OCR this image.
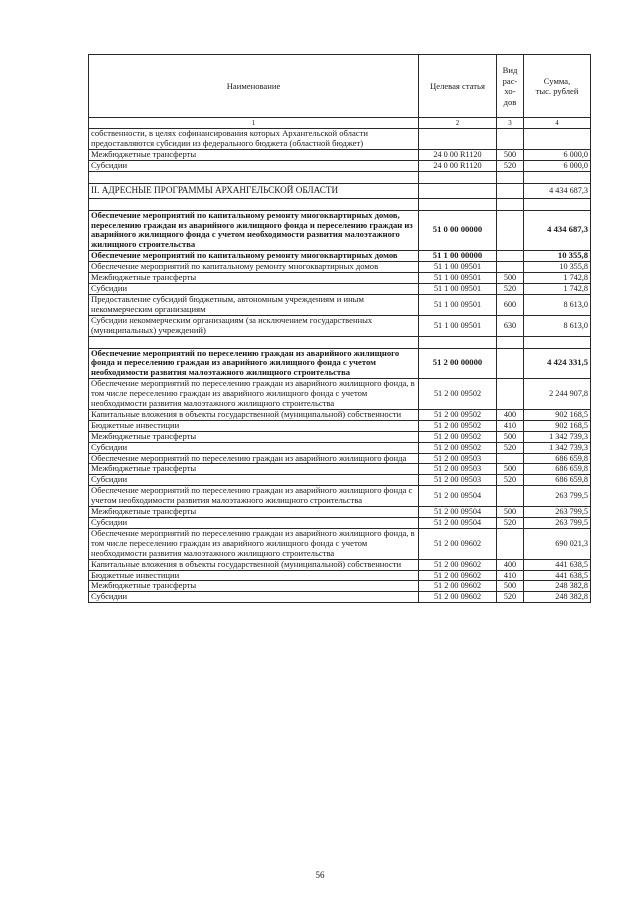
Наименование	Целевая статья	Вид
рас-
хо-
дов	Сумма,
тыс. рублей
1	2	3	4
собственности, в целях софинансирования которых Архангельской области предоставляются субсидии из федерального бюджета (областной бюджет)			
Межбюджетные трансферты	24 0 00 R1120	500	6 000,0
Субсидии	24 0 00 R1120	520	6 000,0

II. АДРЕСНЫЕ ПРОГРАММЫ АРХАНГЕЛЬСКОЙ ОБЛАСТИ			4 434 687,3

Обеспечение мероприятий по капитальному ремонту многоквартирных домов, переселению граждан из аварийного жилищного фонда и переселению граждан из аварийного жилищного фонда с учетом необходимости развития малоэтажного жилищного строительства	51 0 00 00000		4 434 687,3
Обеспечение мероприятий по капитальному ремонту многоквартирных домов	51 1 00 00000		10 355,8
Обеспечение мероприятий по капитальному ремонту многоквартирных домов	51 1 00 09501		10 355,8
Межбюджетные трансферты	51 1 00 09501	500	1 742,8
Субсидии	51 1 00 09501	520	1 742,8
Предоставление субсидий бюджетным, автономным учреждениям и иным некоммерческим организациям	51 1 00 09501	600	8 613,0
Субсидии некоммерческим организациям (за исключением государственных (муниципальных) учреждений)	51 1 00 09501	630	8 613,0

Обеспечение мероприятий по переселению граждан из аварийного жилищного фонда и переселению граждан из аварийного жилищного фонда с учетом необходимости развития малоэтажного жилищного строительства	51 2 00 00000		4 424 331,5
Обеспечение мероприятий по переселению граждан из аварийного жилищного фонда, в том числе переселению граждан из аварийного жилищного фонда с учетом необходимости развития малоэтажного жилищного строительства	51 2 00 09502		2 244 907,8
Капитальные вложения в объекты государственной (муниципальной) собственности	51 2 00 09502	400	902 168,5
Бюджетные инвестиции	51 2 00 09502	410	902 168,5
Межбюджетные трансферты	51 2 00 09502	500	1 342 739,3
Субсидии	51 2 00 09502	520	1 342 739,3
Обеспечение мероприятий по переселению граждан из аварийного жилищного фонда	51 2 00 09503		686 659,8
Межбюджетные трансферты	51 2 00 09503	500	686 659,8
Субсидии	51 2 00 09503	520	686 659,8
Обеспечение мероприятий по переселению граждан из аварийного жилищного фонда с учетом необходимости развития малоэтажного жилищного строительства	51 2 00 09504		263 799,5
Межбюджетные трансферты	51 2 00 09504	500	263 799,5
Субсидии	51 2 00 09504	520	263 799,5
Обеспечение мероприятий по переселению граждан из аварийного жилищного фонда, в том числе переселению граждан из аварийного жилищного фонда с учетом необходимости развития малоэтажного жилищного строительства	51 2 00 09602		690 021,3
Капитальные вложения в объекты государственной (муниципальной) собственности	51 2 00 09602	400	441 638,5
Бюджетные инвестиции	51 2 00 09602	410	441 638,5
Межбюджетные трансферты	51 2 00 09602	500	248 382,8
Субсидии	51 2 00 09602	520	248 382,8
56
